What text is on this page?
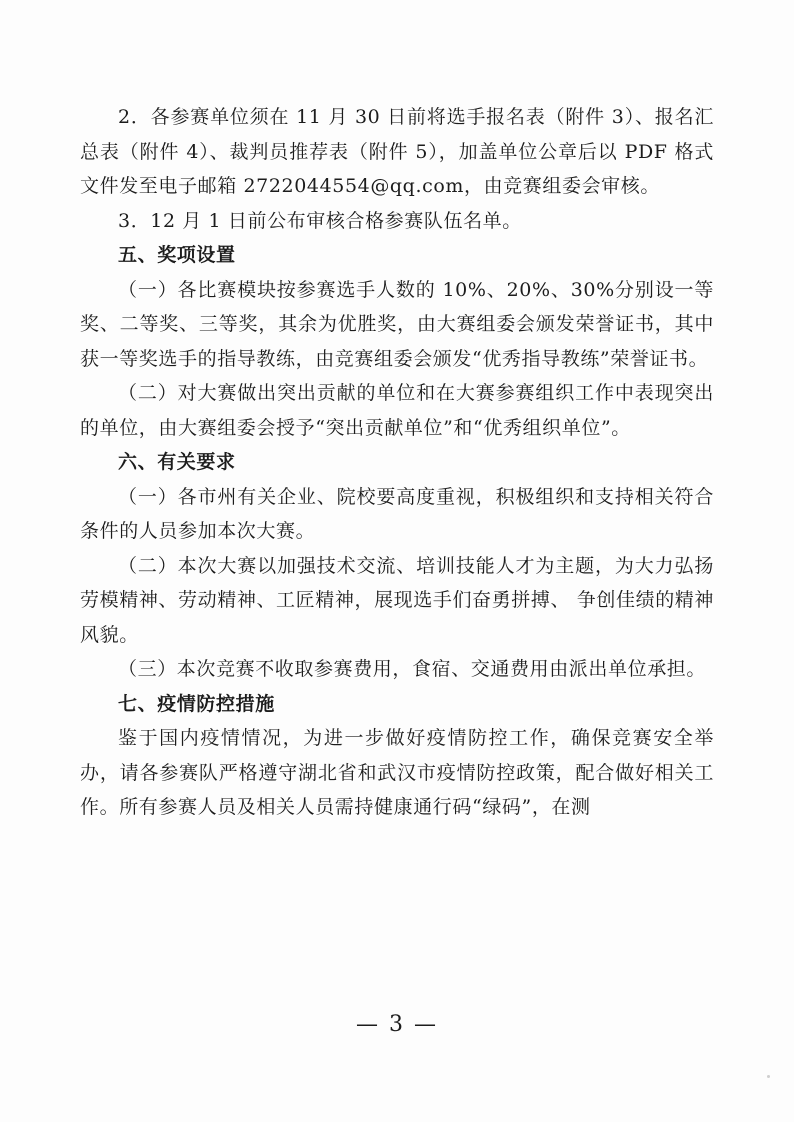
2．各参赛单位须在 11 月 30 日前将选手报名表（附件 3）、报名汇总表（附件 4）、裁判员推荐表（附件 5），加盖单位公章后以 PDF 格式文件发至电子邮箱 2722044554@qq.com，由竞赛组委会审核。

3．12 月 1 日前公布审核合格参赛队伍名单。

五、奖项设置

（一）各比赛模块按参赛选手人数的 10%、20%、30%分别设一等奖、二等奖、三等奖，其余为优胜奖，由大赛组委会颁发荣誉证书，其中获一等奖选手的指导教练，由竞赛组委会颁发“优秀指导教练”荣誉证书。

（二）对大赛做出突出贡献的单位和在大赛参赛组织工作中表现突出的单位，由大赛组委会授予“突出贡献单位”和“优秀组织单位”。

六、有关要求

（一）各市州有关企业、院校要高度重视，积极组织和支持相关符合条件的人员参加本次大赛。

（二）本次大赛以加强技术交流、培训技能人才为主题，为大力弘扬劳模精神、劳动精神、工匠精神，展现选手们奋勇拼搏、 争创佳绩的精神风貌。

（三）本次竞赛不收取参赛费用，食宿、交通费用由派出单位承担。

七、疫情防控措施

鉴于国内疫情情况，为进一步做好疫情防控工作，确保竞赛安全举办，请各参赛队严格遵守湖北省和武汉市疫情防控政策，配合做好相关工作。所有参赛人员及相关人员需持健康通行码“绿码”，在测

— 3 —
